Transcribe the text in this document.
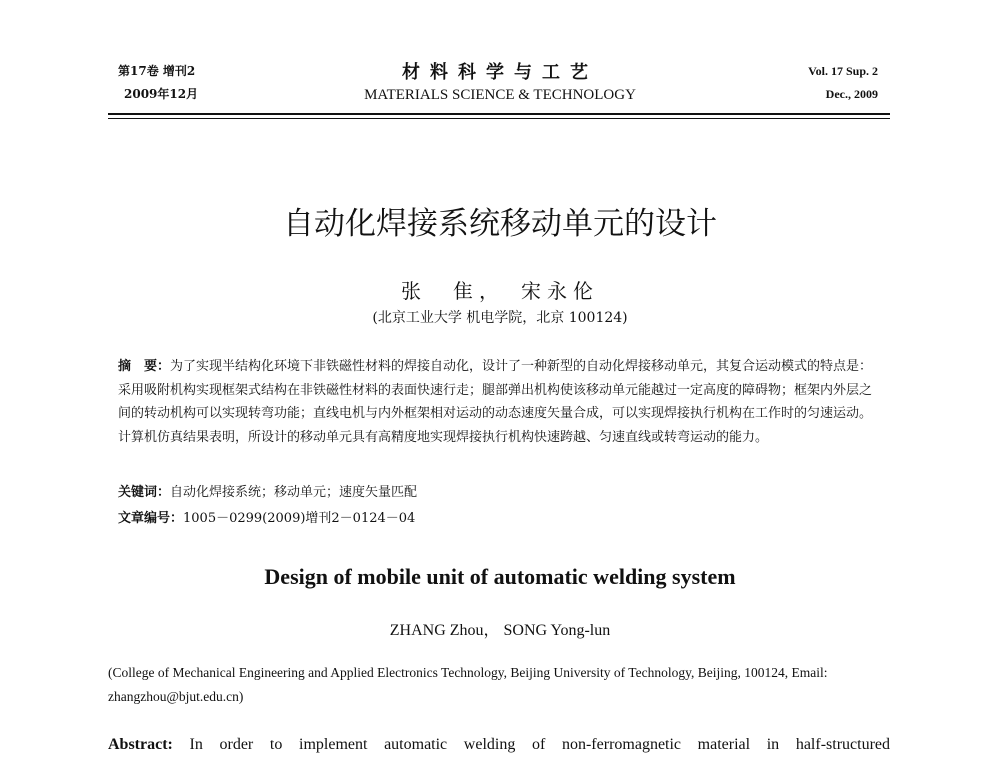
第17卷 增刊2
2009年12月
材料科学与工艺
MATERIALS SCIENCE & TECHNOLOGY
Vol. 17 Sup. 2
Dec., 2009
自动化焊接系统移动单元的设计
张　隹，　宋永伦
(北京工业大学 机电学院，北京 100124)
摘　要：为了实现半结构化环境下非铁磁性材料的焊接自动化，设计了一种新型的自动化焊接移动单元，其复合运动模式的特点是：采用吸附机构实现框架式结构在非铁磁性材料的表面快速行走；腿部弹出机构使该移动单元能越过一定高度的障碍物；框架内外层之间的转动机构可以实现转弯功能；直线电机与内外框架相对运动的动态速度矢量合成，可以实现焊接执行机构在工作时的匀速运动。计算机仿真结果表明，所设计的移动单元具有高精度地实现焊接执行机构快速跨越、匀速直线或转弯运动的能力。
关键词：自动化焊接系统；移动单元；速度矢量匹配
文章编号：1005－0299(2009)增刊2－0124－04
Design of mobile unit of automatic welding system
ZHANG Zhou， SONG Yong-lun
(College of Mechanical Engineering and Applied Electronics Technology, Beijing University of Technology, Beijing, 100124, Email: zhangzhou@bjut.edu.cn)
Abstract: In order to implement automatic welding of non-ferromagnetic material in half-structured
